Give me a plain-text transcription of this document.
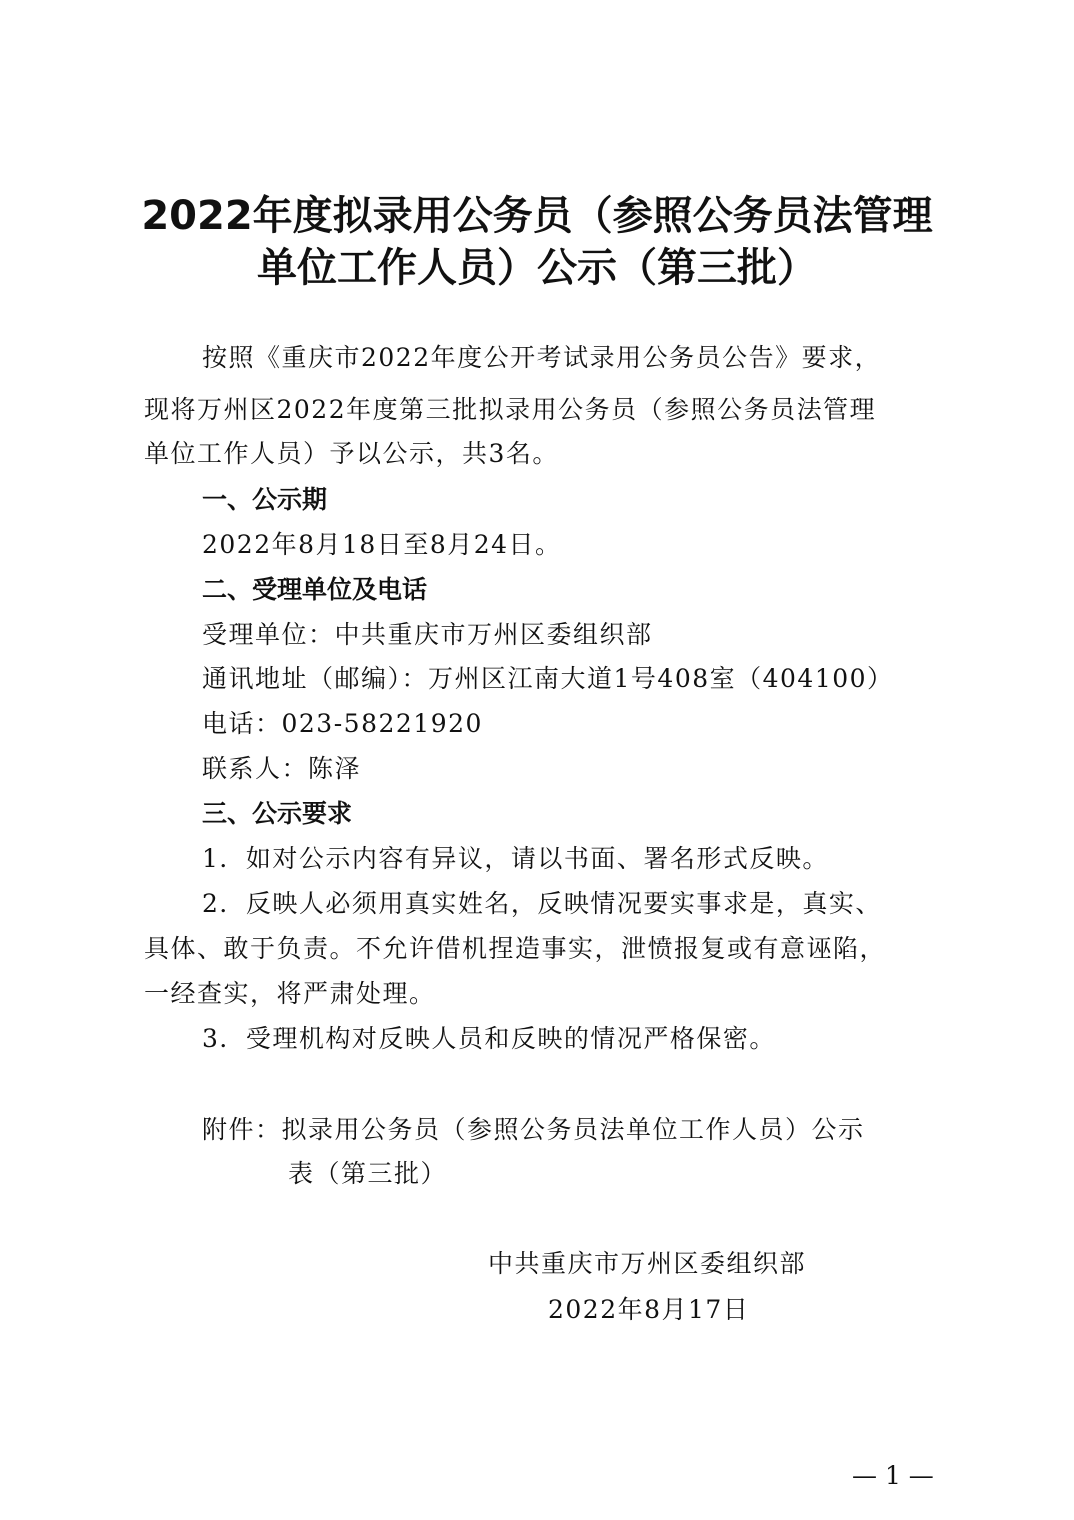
2022年度拟录用公务员（参照公务员法管理
单位工作人员）公示（第三批）
按照《重庆市2022年度公开考试录用公务员公告》要求，
现将万州区2022年度第三批拟录用公务员（参照公务员法管理
单位工作人员）予以公示，共3名。
一、公示期
2022年8月18日至8月24日。
二、受理单位及电话
受理单位：中共重庆市万州区委组织部
通讯地址（邮编）：万州区江南大道1号408室（404100）
电话：023-58221920
联系人：陈泽
三、公示要求
1．如对公示内容有异议，请以书面、署名形式反映。
2．反映人必须用真实姓名，反映情况要实事求是，真实、
具体、敢于负责。不允许借机捏造事实，泄愤报复或有意诬陷，
一经查实，将严肃处理。
3．受理机构对反映人员和反映的情况严格保密。
附件：拟录用公务员（参照公务员法单位工作人员）公示
表（第三批）
中共重庆市万州区委组织部
2022年8月17日
— 1 —
